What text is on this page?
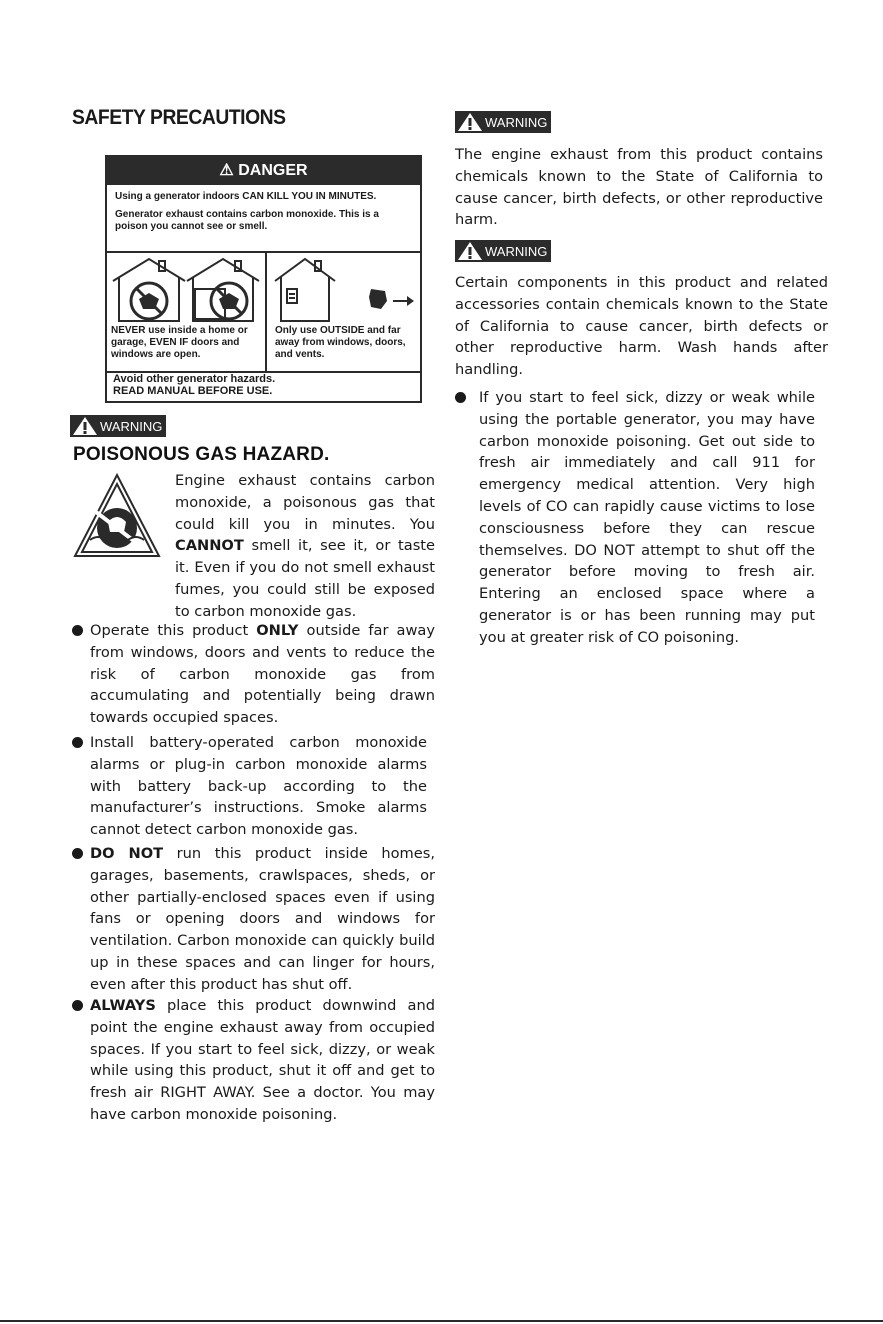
SAFETY PRECAUTIONS
⚠ DANGER

Using a generator indoors CAN KILL YOU IN MINUTES.

Generator exhaust contains carbon monoxide. This is a poison you cannot see or smell.

NEVER use inside a home or garage, EVEN IF doors and windows are open.
Only use OUTSIDE and far away from windows, doors, and vents.
Avoid other generator hazards.
READ MANUAL BEFORE USE.
WARNING
POISONOUS GAS HAZARD.
Engine exhaust contains carbon monoxide, a poisonous gas that could kill you in minutes. You CANNOT smell it, see it, or taste it. Even if you do not smell exhaust fumes, you could still be exposed to carbon monoxide gas.
Operate this product ONLY outside far away from windows, doors and vents to reduce the risk of carbon monoxide gas from accumulating and potentially being drawn towards occupied spaces.
Install battery-operated carbon monoxide alarms or plug-in carbon monoxide alarms with battery back-up according to the manufacturer’s instructions. Smoke alarms cannot detect carbon monoxide gas.
DO NOT run this product inside homes, garages, basements, crawlspaces, sheds, or other partially-enclosed spaces even if using fans or opening doors and windows for ventilation. Carbon monoxide can quickly build up in these spaces and can linger for hours, even after this product has shut off.
ALWAYS place this product downwind and point the engine exhaust away from occupied spaces. If you start to feel sick, dizzy, or weak while using this product, shut it off and get to fresh air RIGHT AWAY. See a doctor. You may have carbon monoxide poisoning.
WARNING
The engine exhaust from this product contains chemicals known to the State of California to cause cancer, birth defects, or other reproductive harm.
WARNING
Certain components in this product and related accessories contain chemicals known to the State of California to cause cancer, birth defects or other reproductive harm. Wash hands after handling.
If you start to feel sick, dizzy or weak while using the portable generator, you may have carbon monoxide poisoning. Get out side to fresh air immediately and call 911 for emergency medical attention. Very high levels of CO can rapidly cause victims to lose consciousness before they can rescue themselves. DO NOT attempt to shut off the generator before moving to fresh air. Entering an enclosed space where a generator is or has been running may put you at greater risk of CO poisoning.
